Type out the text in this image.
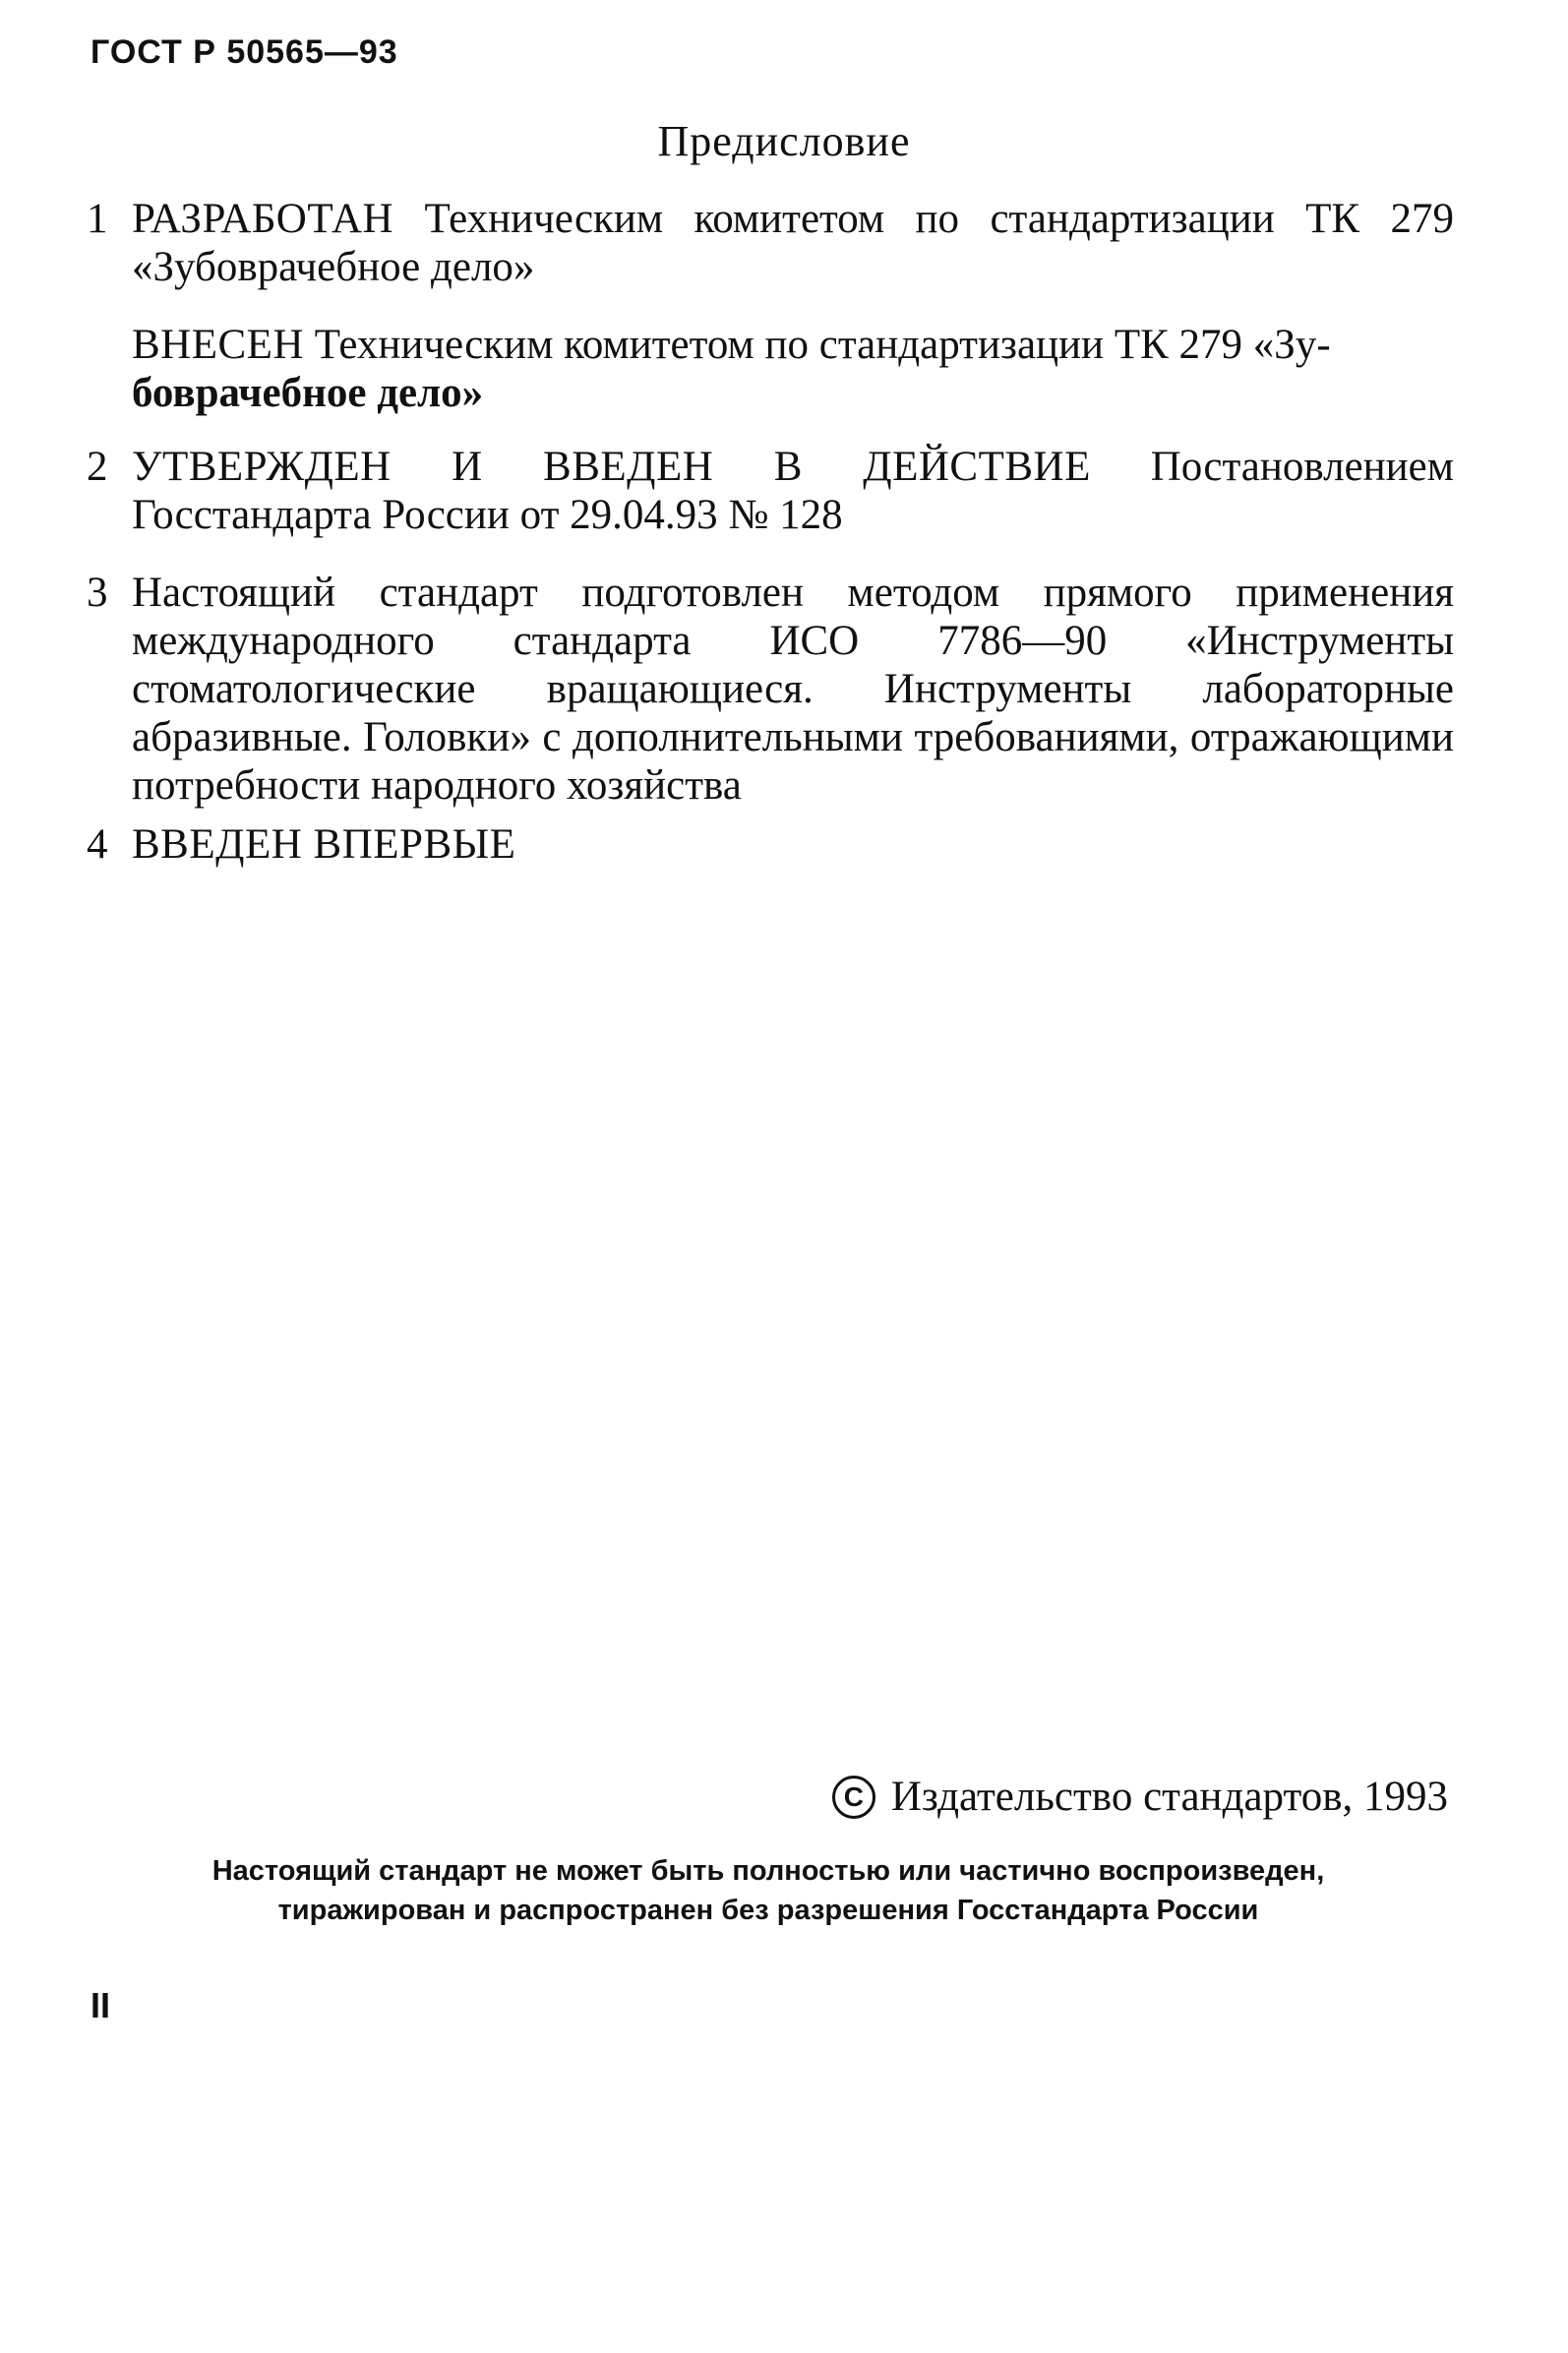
ГОСТ Р 50565—93
Предисловие
1 РАЗРАБОТАН Техническим комитетом по стандартизации ТК 279 «Зубоврачебное дело»

ВНЕСЕН Техническим комитетом по стандартизации ТК 279 «Зу-
боврачебное дело»

2 УТВЕРЖДЕН И ВВЕДЕН В ДЕЙСТВИЕ Постановлением Госстандарта России от 29.04.93 № 128

3 Настоящий стандарт подготовлен методом прямого применения международного стандарта ИСО 7786—90 «Инструменты стоматологические вращающиеся. Инструменты лабораторные абразивные. Головки» с дополнительными требованиями, отражающими потребности народного хозяйства

4 ВВЕДЕН ВПЕРВЫЕ

C Издательство стандартов, 1993
Настоящий стандарт не может быть полностью или частично воспроизведен,
тиражирован и распространен без разрешения Госстандарта России
II
